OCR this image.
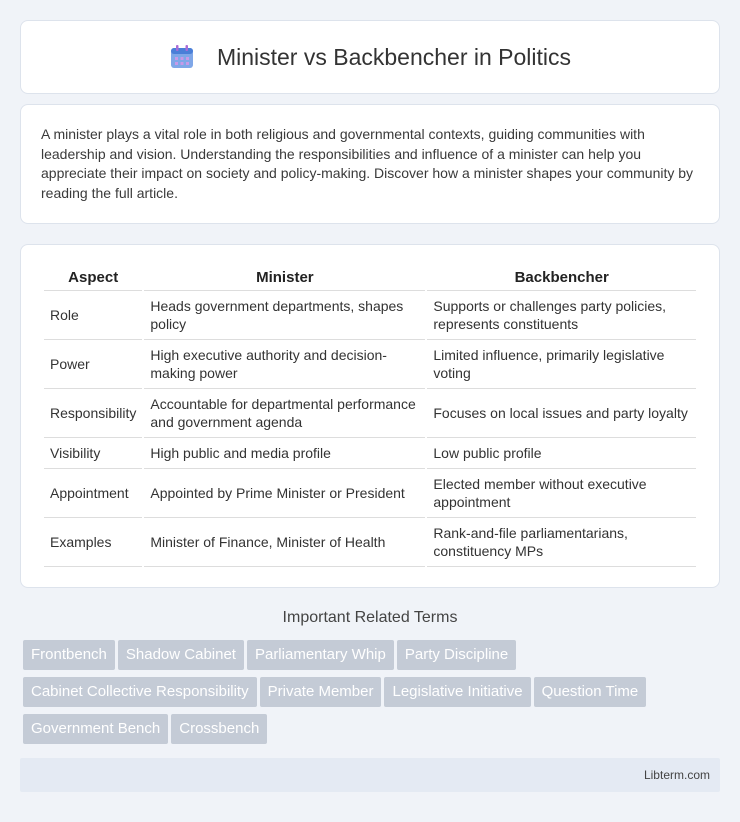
Minister vs Backbencher in Politics

A minister plays a vital role in both religious and governmental contexts, guiding communities with leadership and vision. Understanding the responsibilities and influence of a minister can help you appreciate their impact on society and policy-making. Discover how a minister shapes your community by reading the full article.

Aspect	Minister	Backbencher
Role	Heads government departments, shapes policy	Supports or challenges party policies, represents constituents
Power	High executive authority and decision-making power	Limited influence, primarily legislative voting
Responsibility	Accountable for departmental performance and government agenda	Focuses on local issues and party loyalty
Visibility	High public and media profile	Low public profile
Appointment	Appointed by Prime Minister or President	Elected member without executive appointment
Examples	Minister of Finance, Minister of Health	Rank-and-file parliamentarians, constituency MPs
Important Related Terms
Frontbench Shadow Cabinet Parliamentary Whip Party Discipline
Cabinet Collective Responsibility Private Member Legislative Initiative Question Time
Government Bench Crossbench
Libterm.com
